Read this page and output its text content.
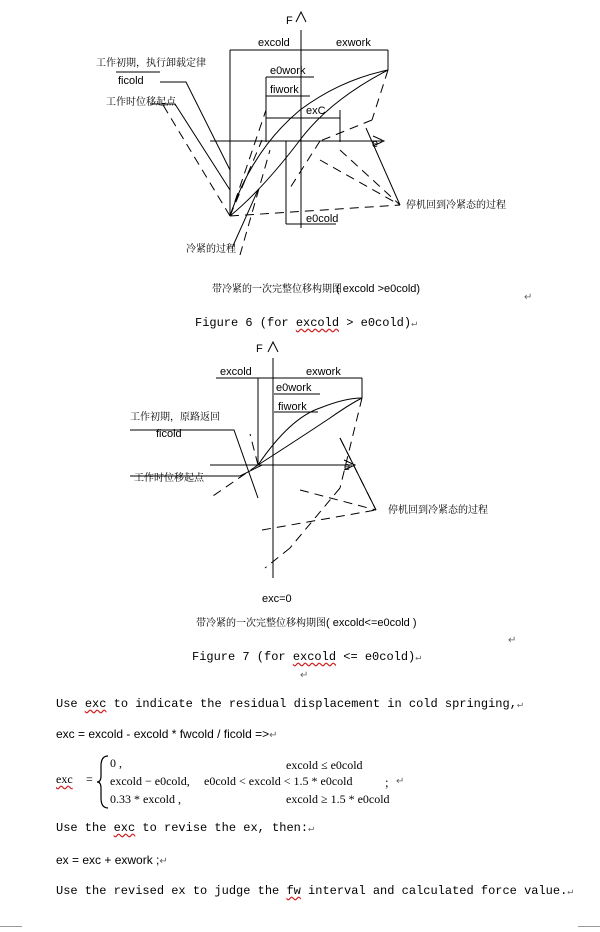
F
e
excold	exwork
e0work
fiwork
exC
e0cold
工作初期，执行卸载定律
ficold
工作时位移起点
停机回到冷紧态的过程
冷紧的过程
带冷紧的一次完整位移构期图
( excold >e0cold)
↵
Figure 6 (for excold > e0cold)↵
F
e
excold	exwork
e0work
fiwork
工作初期，原路返回
ficold
工作时位移起点
停机回到冷紧态的过程
exc=0
带冷紧的一次完整位移构期图 ( excold<=e0cold )
↵
Figure 7 (for excold <= e0cold)↵
↵
Use exc to indicate the residual displacement in cold springing,↵
exc = excold - excold * fwcold / ficold =>↵
exc =
0 ,	excold ≤ e0cold
excold − e0cold, e0cold < excold < 1.5 * e0cold	；
0.33 * excold ,	excold ≥ 1.5 * e0cold
↵
Use the exc to revise the ex, then:↵
ex = exc + exwork ;↵
Use the revised ex to judge the fw interval and calculated force value.↵
